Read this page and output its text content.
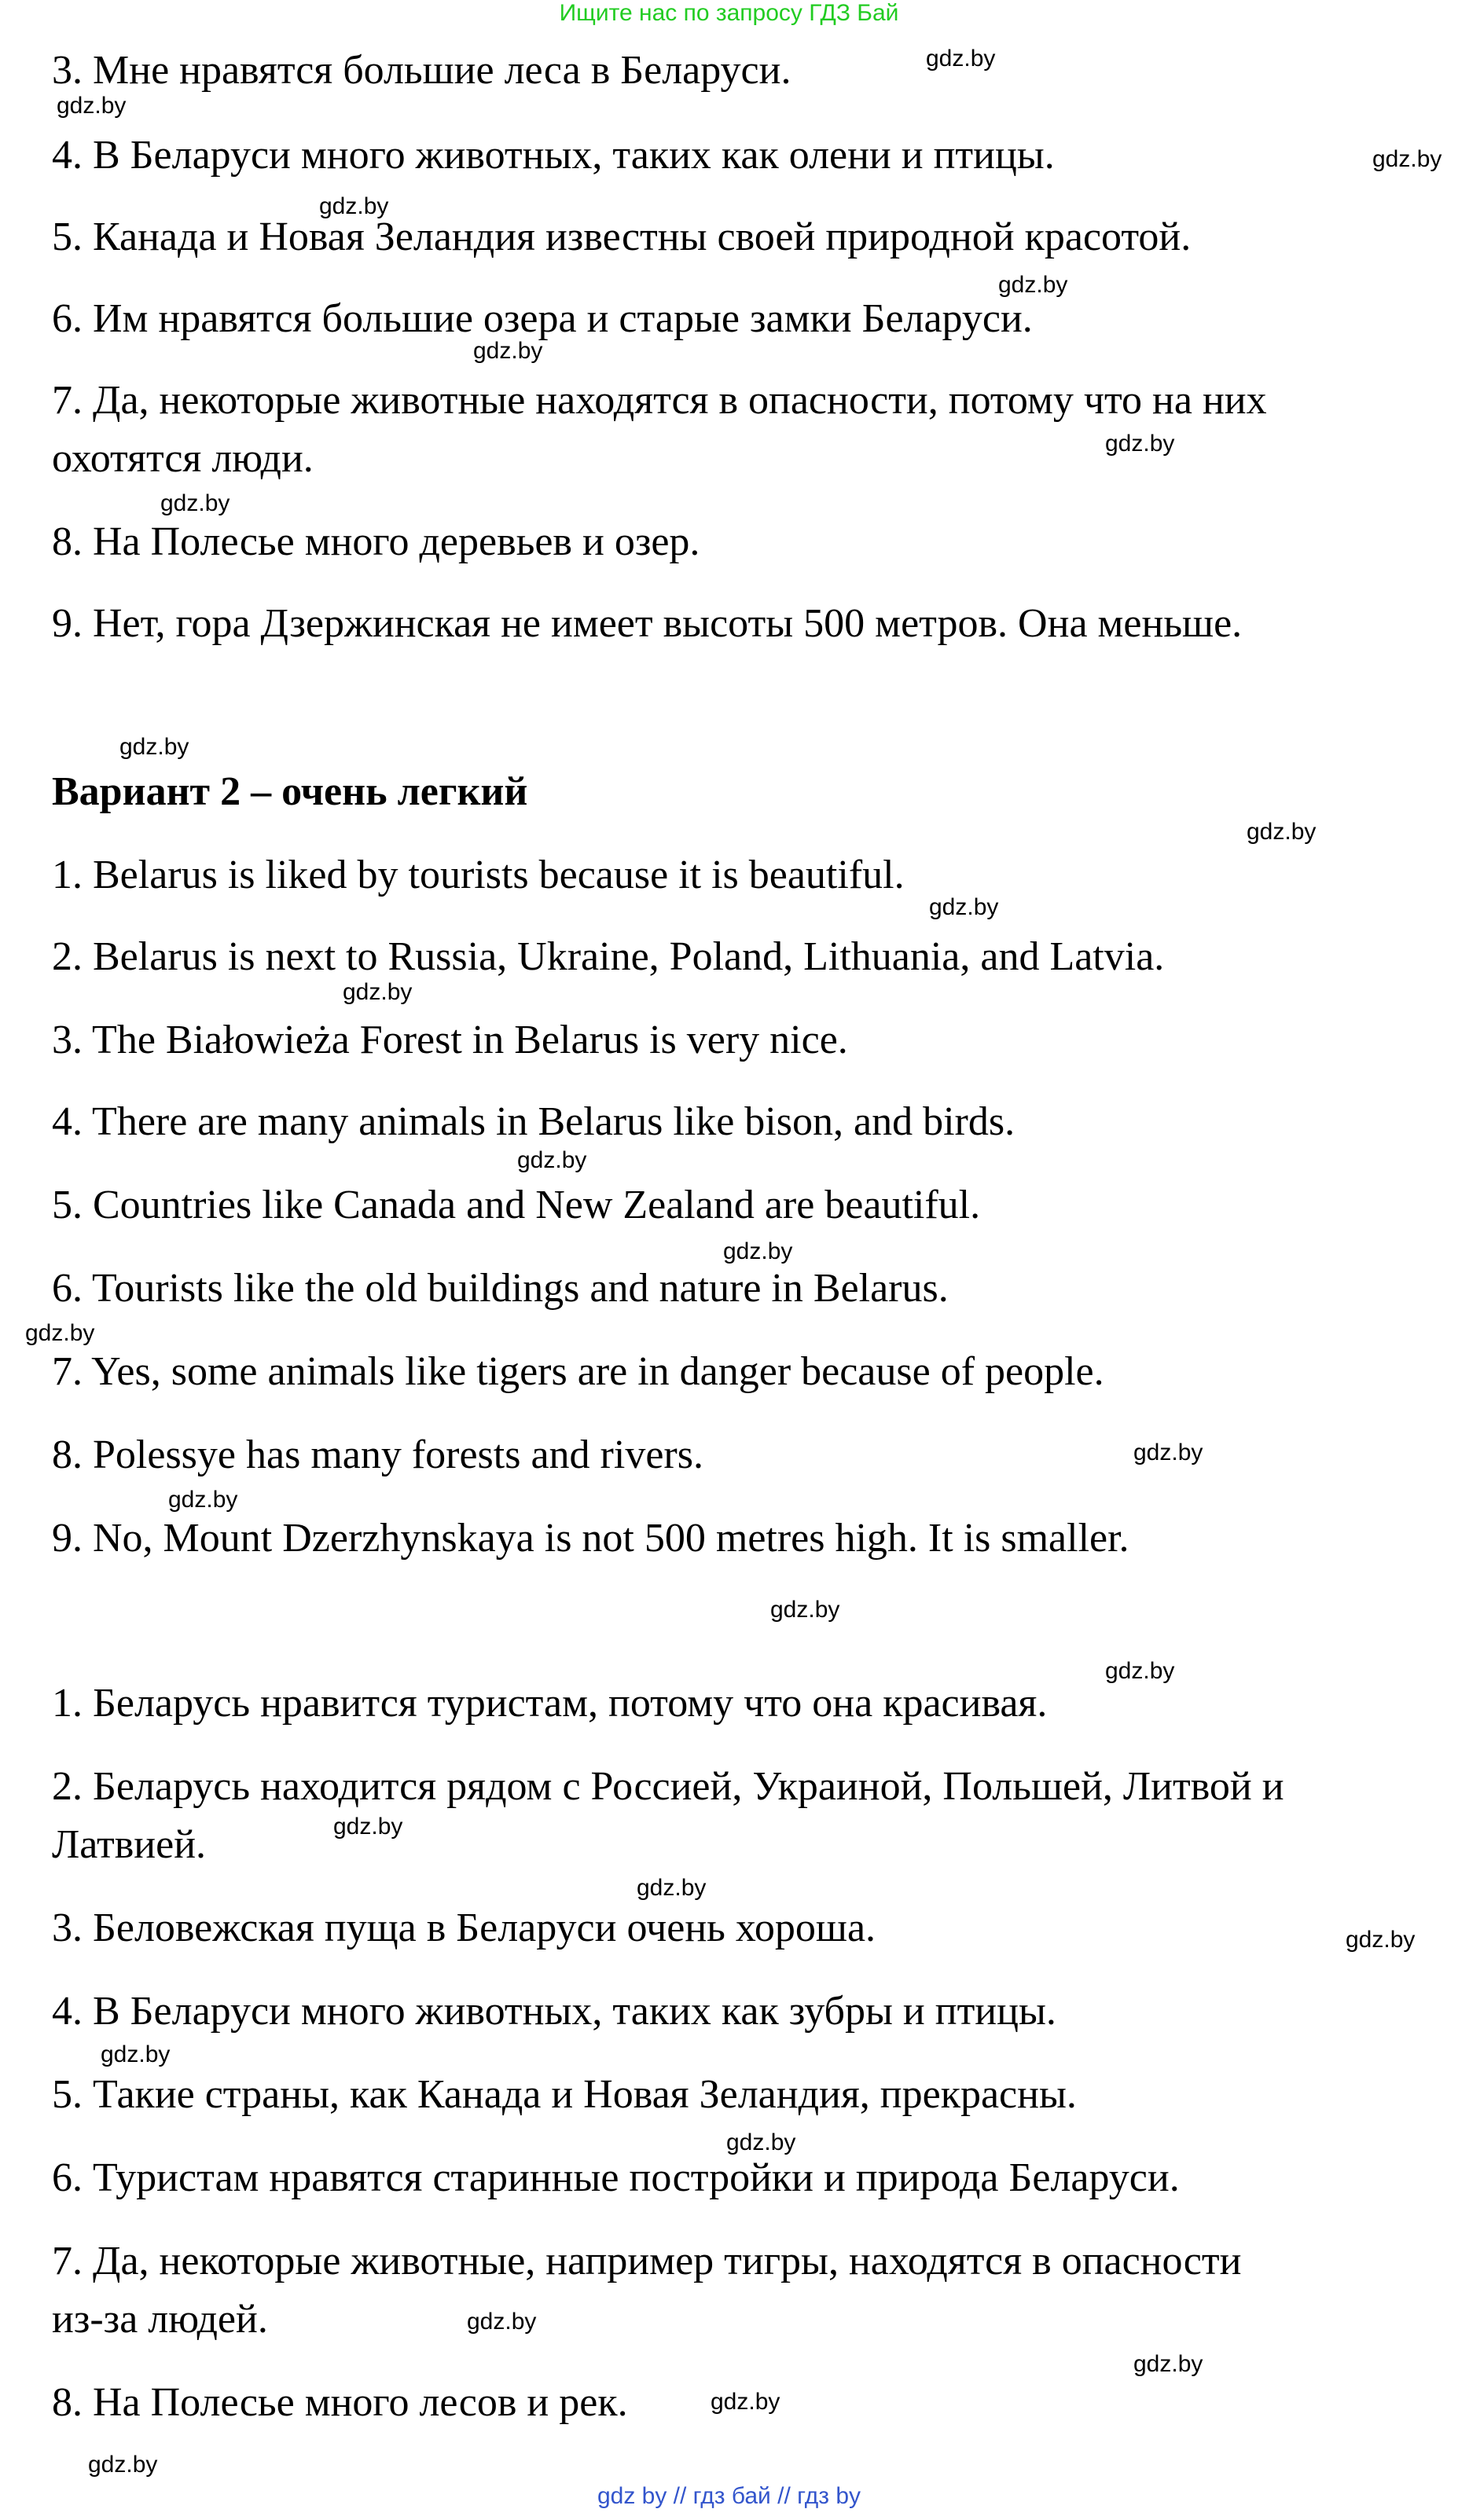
Ищите нас по запросу ГДЗ Бай
3. Мне нравятся большие леса в Беларуси.
4. В Беларуси много животных, таких как олени и птицы.
5. Канада и Новая Зеландия известны своей природной красотой.
6. Им нравятся большие озера и старые замки Беларуси.
7. Да, некоторые животные находятся в опасности, потому что на них
охотятся люди.
8. На Полесье много деревьев и озер.
9. Нет, гора Дзержинская не имеет высоты 500 метров. Она меньше.
Вариант 2 – очень легкий
1. Belarus is liked by tourists because it is beautiful.
2. Belarus is next to Russia, Ukraine, Poland, Lithuania, and Latvia.
3. The Białowieża Forest in Belarus is very nice.
4. There are many animals in Belarus like bison, and birds.
5. Countries like Canada and New Zealand are beautiful.
6. Tourists like the old buildings and nature in Belarus.
7. Yes, some animals like tigers are in danger because of people.
8. Polessye has many forests and rivers.
9. No, Mount Dzerzhynskaya is not 500 metres high. It is smaller.
1. Беларусь нравится туристам, потому что она красивая.
2. Беларусь находится рядом с Россией, Украиной, Польшей, Литвой и
Латвией.
3. Беловежская пуща в Беларуси очень хороша.
4. В Беларуси много животных, таких как зубры и птицы.
5. Такие страны, как Канада и Новая Зеландия, прекрасны.
6. Туристам нравятся старинные постройки и природа Беларуси.
7. Да, некоторые животные, например тигры, находятся в опасности
из-за людей.
8. На Полесье много лесов и рек.
gdz.by
gdz.by
gdz.by
gdz.by
gdz.by
gdz.by
gdz.by
gdz.by
gdz.by
gdz.by
gdz.by
gdz.by
gdz.by
gdz.by
gdz.by
gdz.by
gdz.by
gdz.by
gdz.by
gdz.by
gdz.by
gdz.by
gdz.by
gdz.by
gdz.by
gdz.by
gdz.by
gdz.by
gdz by // гдз бай // гдз by
